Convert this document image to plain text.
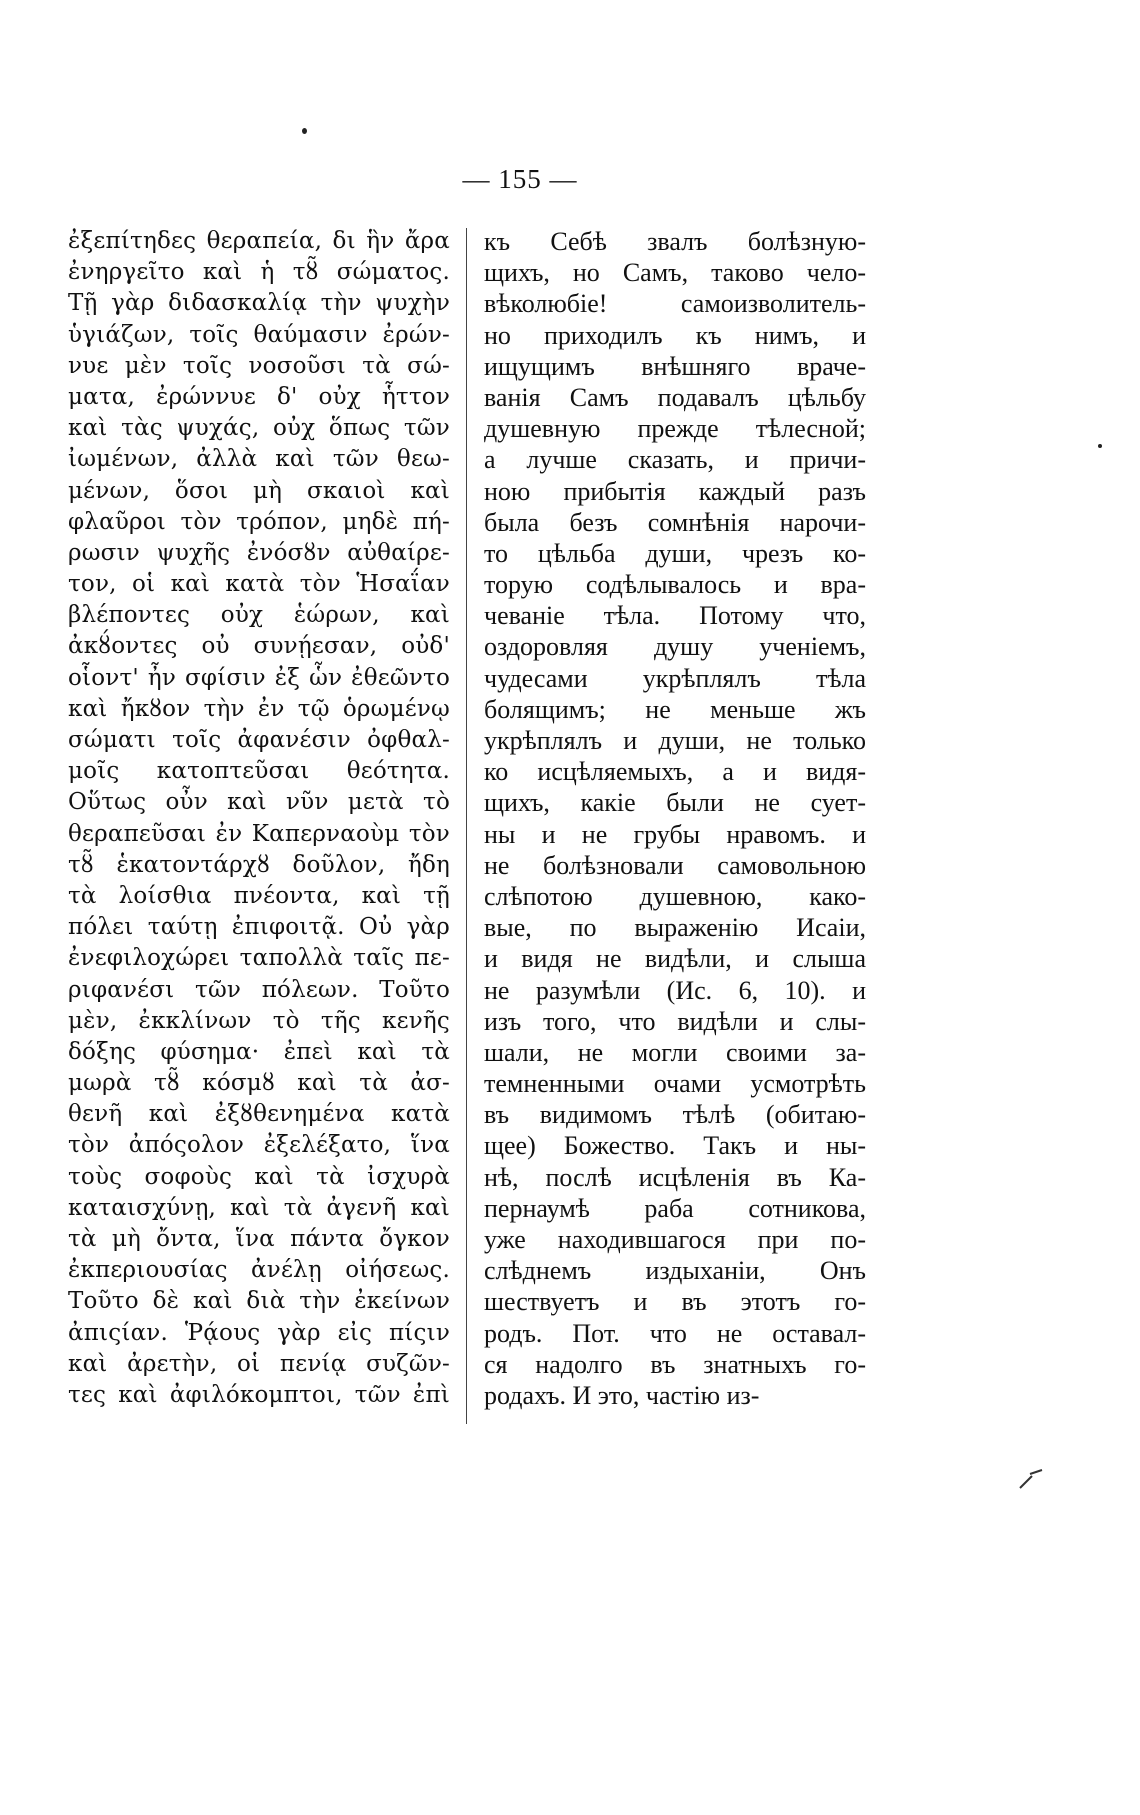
— 155 —
ἐξεπίτηδες θεραπεία, δι ἣν ἄρα
ἐνηργεῖτο καὶ ἡ τȣ̃ σώματος.
Τῇ γὰρ διδασκαλίᾳ τὴν ψυχὴν
ὑγιάζων, τοῖς θαύμασιν ἐρών-
νυε μὲν τοῖς νοσοῦσι τὰ σώ-
ματα, ἐρώννυε δ' οὐχ ἧττον
καὶ τὰς ψυχάς, οὐχ ὅπως τῶν
ἰωμένων, ἀλλὰ καὶ τῶν θεω-
μένων, ὅσοι μὴ σκαιοὶ καὶ
φλαῦροι τὸν τρόπον, μηδὲ πή-
ρωσιν ψυχῆς ἐνόσȣν αὐθαίρε-
τον, οἱ καὶ κατὰ τὸν Ἡσαΐαν
βλέποντες οὐχ ἑώρων, καὶ
ἀκȣ́οντες οὐ συνῄεσαν, οὐδ'
οἷοντ' ἦν σφίσιν ἐξ ὧν ἐθεῶντο
καὶ ἤκȣον τὴν ἐν τῷ ὁρωμένῳ
σώματι τοῖς ἀφανέσιν ὀφθαλ-
μοῖς κατοπτεῦσαι θεότητα.
Οὕτως οὖν καὶ νῦν μετὰ τὸ
θεραπεῦσαι ἐν Καπερναοὺμ τὸν
τȣ̃ ἑκατοντάρχȣ δοῦλον, ἤδη
τὰ λοίσθια πνέοντα, καὶ τῇ
πόλει ταύτῃ ἐπιφοιτᾷ. Οὐ γὰρ
ἐνεφιλοχώρει ταπολλὰ ταῖς πε-
ριφανέσι τῶν πόλεων. Τοῦτο
μὲν, ἐκκλίνων τὸ τῆς κενῆς
δόξης φύσημα· ἐπεὶ καὶ τὰ
μωρὰ τȣ̃ κόσμȣ καὶ τὰ ἀσ-
θενῆ καὶ ἐξȣθενημένα κατὰ
τὸν ἀπόςολον ἐξελέξατο, ἵνα
τοὺς σοφοὺς καὶ τὰ ἰσχυρὰ
καταισχύνῃ, καὶ τὰ ἀγενῆ καὶ
τὰ μὴ ὄντα, ἵνα πάντα ὄγκον
ἐκπεριουσίας ἀνέλῃ οἰήσεως.
Τοῦτο δὲ καὶ διὰ τὴν ἐκείνων
ἀπιςίαν. Ῥᾴους γὰρ εἰς πίςιν
καὶ ἀρετὴν, οἱ πενίᾳ συζῶν-
τες καὶ ἀφιλόκομπτοι, τῶν ἐπὶ
къ Себѣ звалъ болѣзную-
щихъ, но Самъ, таково чело-
вѣколюбіе! самоизволитель-
но приходилъ къ нимъ, и
ищущимъ внѣшняго враче-
ванія Самъ подавалъ цѣльбу
душевную прежде тѣлесной;
а лучше сказать, и причи-
ною прибытія каждый разъ
была безъ сомнѣнія нарочи-
то цѣльба души, чрезъ ко-
торую содѣлывалось и вра-
чеванie тѣла. Потому что,
оздоровляя душу ученіемъ,
чудесами укрѣплялъ тѣла
болящимъ; не меньше жъ
укрѣплялъ и души, не только
ко исцѣляемыхъ, а и видя-
щихъ, какіе были не сует-
ны и не грубы нравомъ. и
не болѣзновали самовольною
слѣпотою душевною, како-
вые, по выраженію Исаіи,
и видя не видѣли, и слыша
не разумѣли (Ис. 6, 10). и
изъ того, что видѣли и слы-
шали, не могли своими за-
темненными очами усмотрѣть
въ видимомъ тѣлѣ (обитаю-
щее) Божество. Такъ и ны-
нѣ, послѣ исцѣленія въ Ка-
пернаумѣ раба сотникова,
уже находившагося при по-
слѣднемъ издыханіи, Онъ
шествуетъ и въ этотъ го-
родъ. Пот. что не оставал-
ся надолго въ знатныхъ го-
родахъ. И это, частію из-
